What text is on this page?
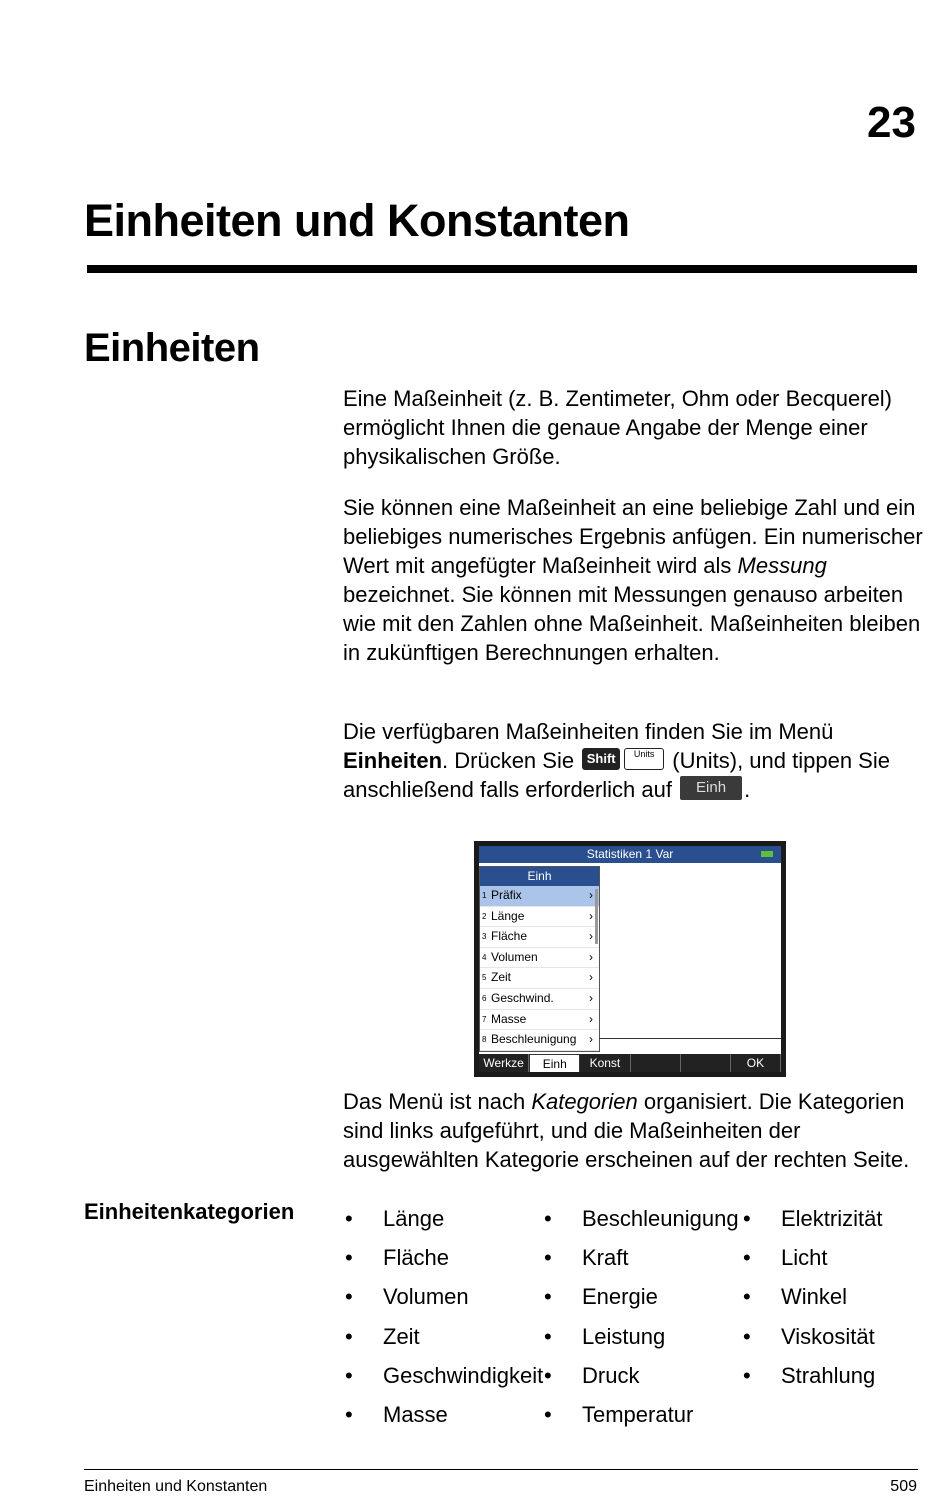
23
Einheiten und Konstanten
Einheiten

Eine Maßeinheit (z. B. Zentimeter, Ohm oder Becquerel) ermöglicht Ihnen die genaue Angabe der Menge einer physikalischen Größe.

Sie können eine Maßeinheit an eine beliebige Zahl und ein beliebiges numerisches Ergebnis anfügen. Ein numerischer Wert mit angefügter Maßeinheit wird als Messung bezeichnet. Sie können mit Messungen genauso arbeiten wie mit den Zahlen ohne Maßeinheit. Maßeinheiten bleiben in zukünftigen Berechnungen erhalten.

Die verfügbaren Maßeinheiten finden Sie im Menü Einheiten. Drücken Sie Shift Units (Units), und tippen Sie anschließend falls erforderlich auf Einh .

Statistiken 1 Var
Einh
1 Präfix	›
2 Länge	›
3 Fläche	›
4 Volumen	›
5 Zeit	›
6 Geschwind.	›
7 Masse	›
8 Beschleunigung ›
Werkze	Einh	Konst	OK

Das Menü ist nach Kategorien organisiert. Die Kategorien sind links aufgeführt, und die Maßeinheiten der ausgewählten Kategorie erscheinen auf der rechten Seite.

Einheitenkategorien • Länge
• Fläche
• Volumen
• Zeit
• Geschwindigkeit
• Masse
• Beschleunigung
• Kraft
• Energie
• Leistung
• Druck
• Temperatur
• Elektrizität
• Licht
• Winkel
• Viskosität
• Strahlung
Einheiten und Konstanten	509
